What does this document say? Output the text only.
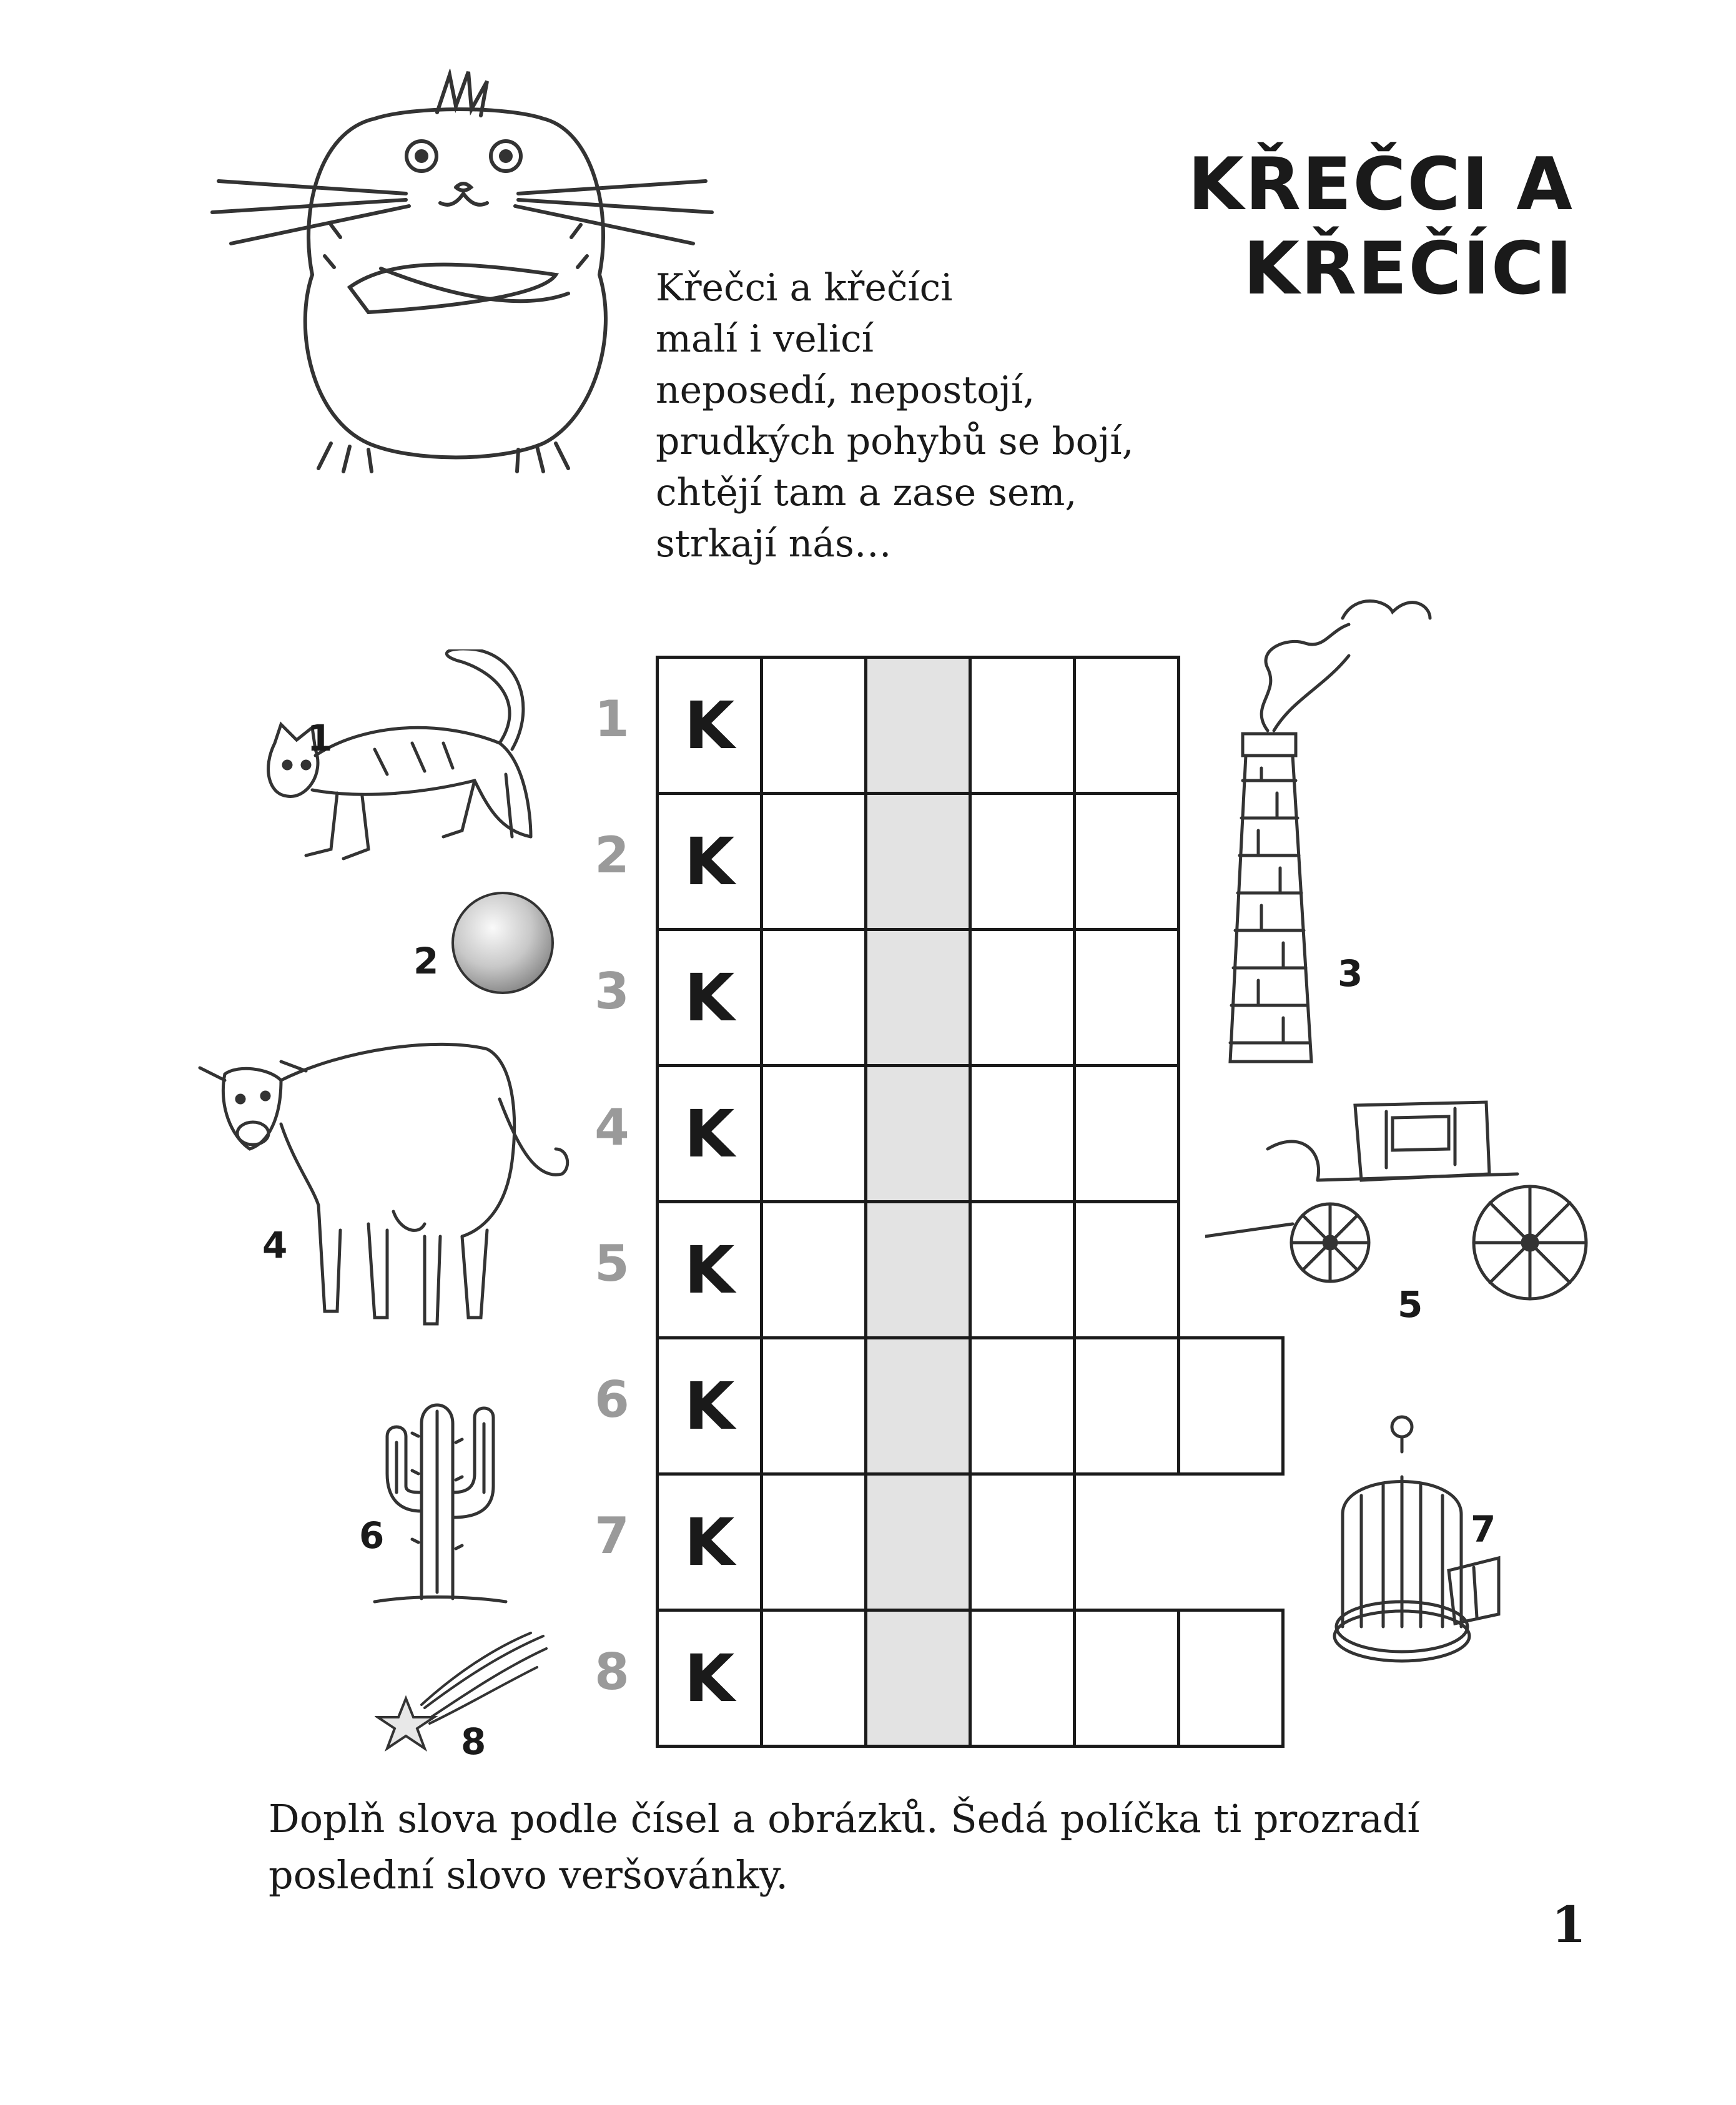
KŘEČCI A KŘEČÍCI
Křečci a křečíci
malí i velicí
neposedí, nepostojí,
prudkých pohybů se bojí,
chtějí tam a zase sem,
strkají nás…
1 K
2 K
3 K
4 K
5 K
6 K
7 K
8 K
1
2
4
6
8
3
5
7
Doplň slova podle čísel a obrázků. Šedá políčka ti prozradí poslední slovo veršovánky.
1
